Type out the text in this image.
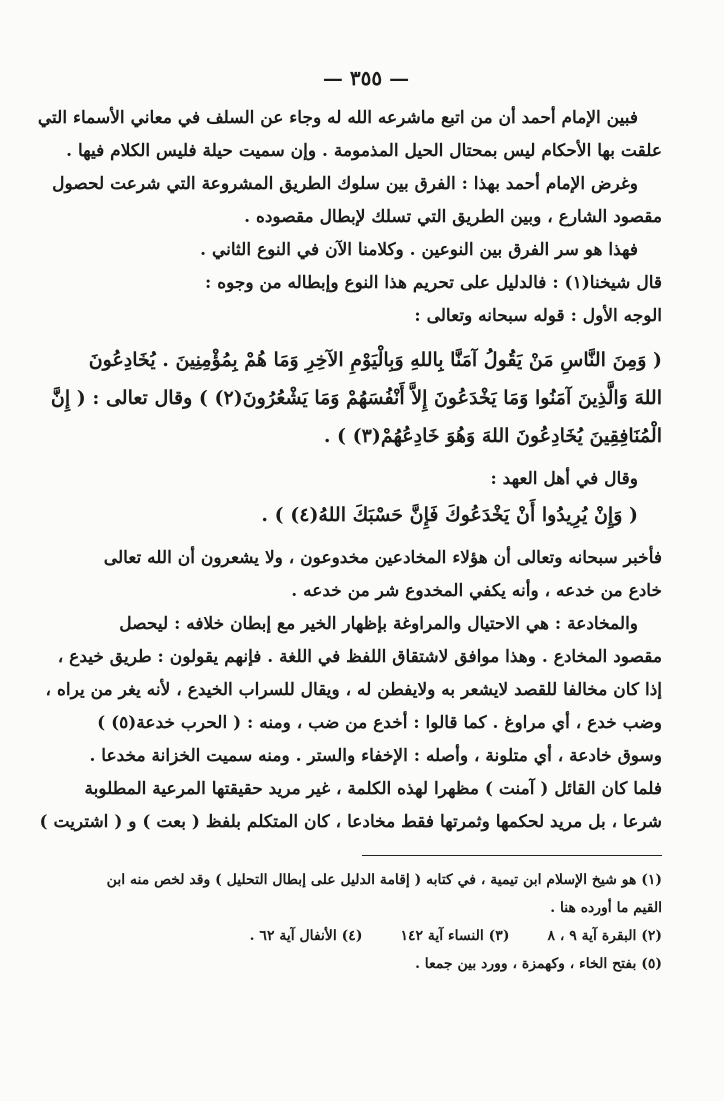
— ٣٥٥ —
فبين الإمام أحمد أن من اتبع ماشرعه الله له وجاء عن السلف في معاني الأسماء التي
علقت بها الأحكام ليس بمحتال الحيل المذمومة . وإن سميت حيلة فليس الكلام فيها .
وغرض الإمام أحمد بهذا : الفرق بين سلوك الطريق المشروعة التي شرعت لحصول
مقصود الشارع ، وبين الطريق التي تسلك لإبطال مقصوده .
فهذا هو سر الفرق بين النوعين . وكلامنا الآن في النوع الثاني .
قال شيخنا(١) : فالدليل على تحريم هذا النوع وإبطاله من وجوه :
الوجه الأول : قوله سبحانه وتعالى :
( وَمِنَ النَّاسِ مَنْ يَقُولُ آمَنَّا بِاللهِ وَبِالْيَوْمِ الآخِرِ وَمَا هُمْ بِمُؤْمِنِينَ . يُخَادِعُونَ
اللهَ وَالَّذِينَ آمَنُوا وَمَا يَخْدَعُونَ إِلاَّ أَنْفُسَهُمْ وَمَا يَشْعُرُونَ(٢) ) وقال تعالى : ( إِنَّ
الْمُنَافِقِينَ يُخَادِعُونَ اللهَ وَهُوَ خَادِعُهُمْ(٣) ) .
وقال في أهل العهد :
( وَإِنْ يُرِيدُوا أَنْ يَخْدَعُوكَ فَإِنَّ حَسْبَكَ اللهُ(٤) ) .
فأخبر سبحانه وتعالى أن هؤلاء المخادعين مخدوعون ، ولا يشعرون أن الله تعالى
خادع من خدعه ، وأنه يكفي المخدوع شر من خدعه .
والمخادعة : هي الاحتيال والمراوغة بإظهار الخير مع إبطان خلافه : ليحصل
مقصود المخادع . وهذا موافق لاشتقاق اللفظ في اللغة . فإنهم يقولون : طريق خيدع ،
إذا كان مخالفا للقصد لايشعر به ولايفطن له ، ويقال للسراب الخيدع ، لأنه يغر من يراه ،
وضب خدع ، أي مراوغ . كما قالوا : أخدع من ضب ، ومنه : ( الحرب خدعة(٥) )
وسوق خادعة ، أي متلونة ، وأصله : الإخفاء والستر . ومنه سميت الخزانة مخدعا .
فلما كان القائل ( آمنت ) مظهرا لهذه الكلمة ، غير مريد حقيقتها المرعية المطلوبة
شرعا ، بل مريد لحكمها وثمرتها فقط مخادعا ، كان المتكلم بلفظ ( بعت ) و ( اشتريت )
(١) هو شيخ الإسلام ابن تيمية ، في كتابه ( إقامة الدليل على إبطال التحليل ) وقد لخص منه ابن
القيم ما أورده هنا .
(٢) البقرة آية ٩ ، ٨
(٣) النساء آية ١٤٢
(٤) الأنفال آية ٦٢ .
(٥) بفتح الخاء ، وكهمزة ، وورد بين جمعا .
